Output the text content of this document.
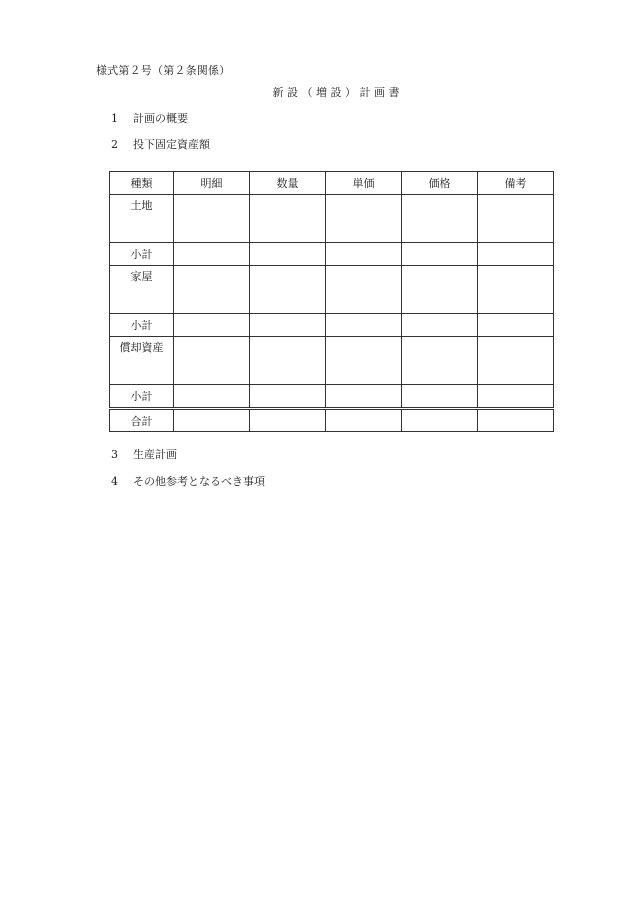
様式第２号（第２条関係）
新 設 （ 増 設 ） 計 画 書
1 計画の概要
2 投下固定資産額
種類	明細	数量	単価	価格	備考
土地					
小計					
家屋					
小計					
償却資産					
小計					
合計					
3 生産計画
4 その他参考となるべき事項
